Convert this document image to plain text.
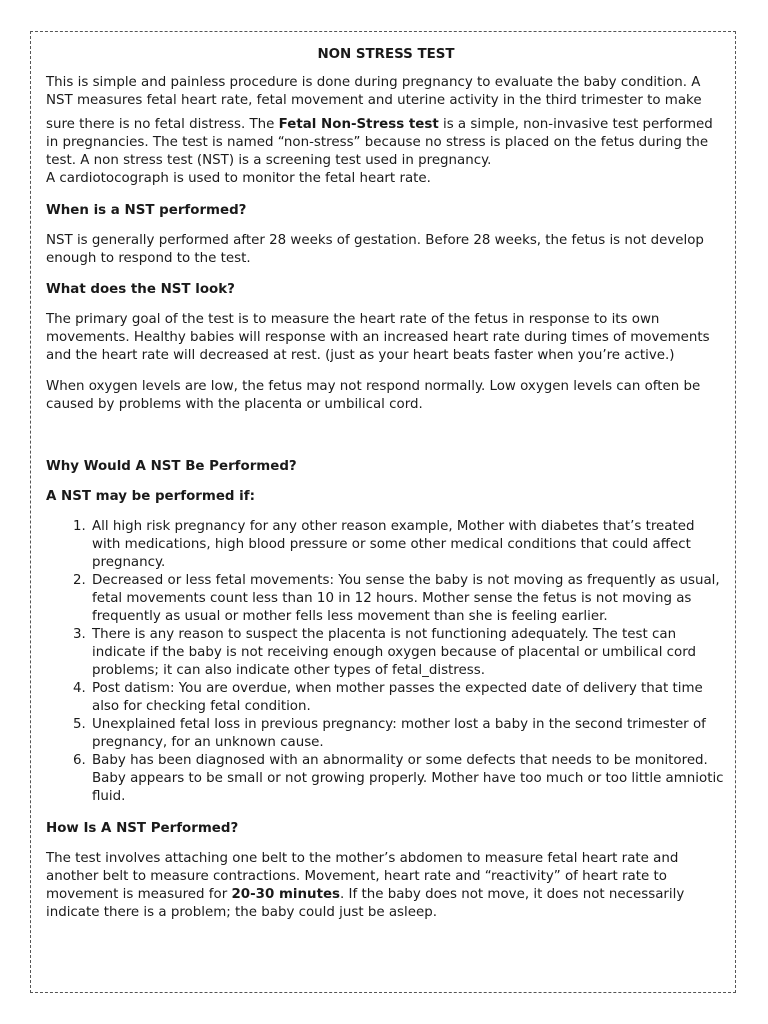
NON STRESS TEST

This is simple and painless procedure is done during pregnancy to evaluate the baby condition. A NST measures fetal heart rate, fetal movement and uterine activity in the third trimester to make
sure there is no fetal distress. The Fetal Non-Stress test is a simple, non-invasive test performed in pregnancies. The test is named “non-stress” because no stress is placed on the fetus during the test. A non stress test (NST) is a screening test used in pregnancy.
A cardiotocograph is used to monitor the fetal heart rate.

When is a NST performed?

NST is generally performed after 28 weeks of gestation. Before 28 weeks, the fetus is not develop enough to respond to the test.

What does the NST look?

The primary goal of the test is to measure the heart rate of the fetus in response to its own movements. Healthy babies will response with an increased heart rate during times of movements and the heart rate will decreased at rest. (just as your heart beats faster when you’re active.)

When oxygen levels are low, the fetus may not respond normally. Low oxygen levels can often be caused by problems with the placenta or umbilical cord.

Why Would A NST Be Performed?
A NST may be performed if:
1. All high risk pregnancy for any other reason example, Mother with diabetes that’s treated with medications, high blood pressure or some other medical conditions that could affect pregnancy.
2. Decreased or less fetal movements: You sense the baby is not moving as frequently as usual, fetal movements count less than 10 in 12 hours. Mother sense the fetus is not moving as frequently as usual or mother fells less movement than she is feeling earlier.
3. There is any reason to suspect the placenta is not functioning adequately. The test can indicate if the baby is not receiving enough oxygen because of placental or umbilical cord problems; it can also indicate other types of fetal_distress.
4. Post datism: You are overdue, when mother passes the expected date of delivery that time also for checking fetal condition.
5. Unexplained fetal loss in previous pregnancy: mother lost a baby in the second trimester of pregnancy, for an unknown cause.
6. Baby has been diagnosed with an abnormality or some defects that needs to be monitored. Baby appears to be small or not growing properly. Mother have too much or too little amniotic fluid.
How Is A NST Performed?

The test involves attaching one belt to the mother’s abdomen to measure fetal heart rate and another belt to measure contractions. Movement, heart rate and “reactivity” of heart rate to movement is measured for 20-30 minutes. If the baby does not move, it does not necessarily indicate there is a problem; the baby could just be asleep.
